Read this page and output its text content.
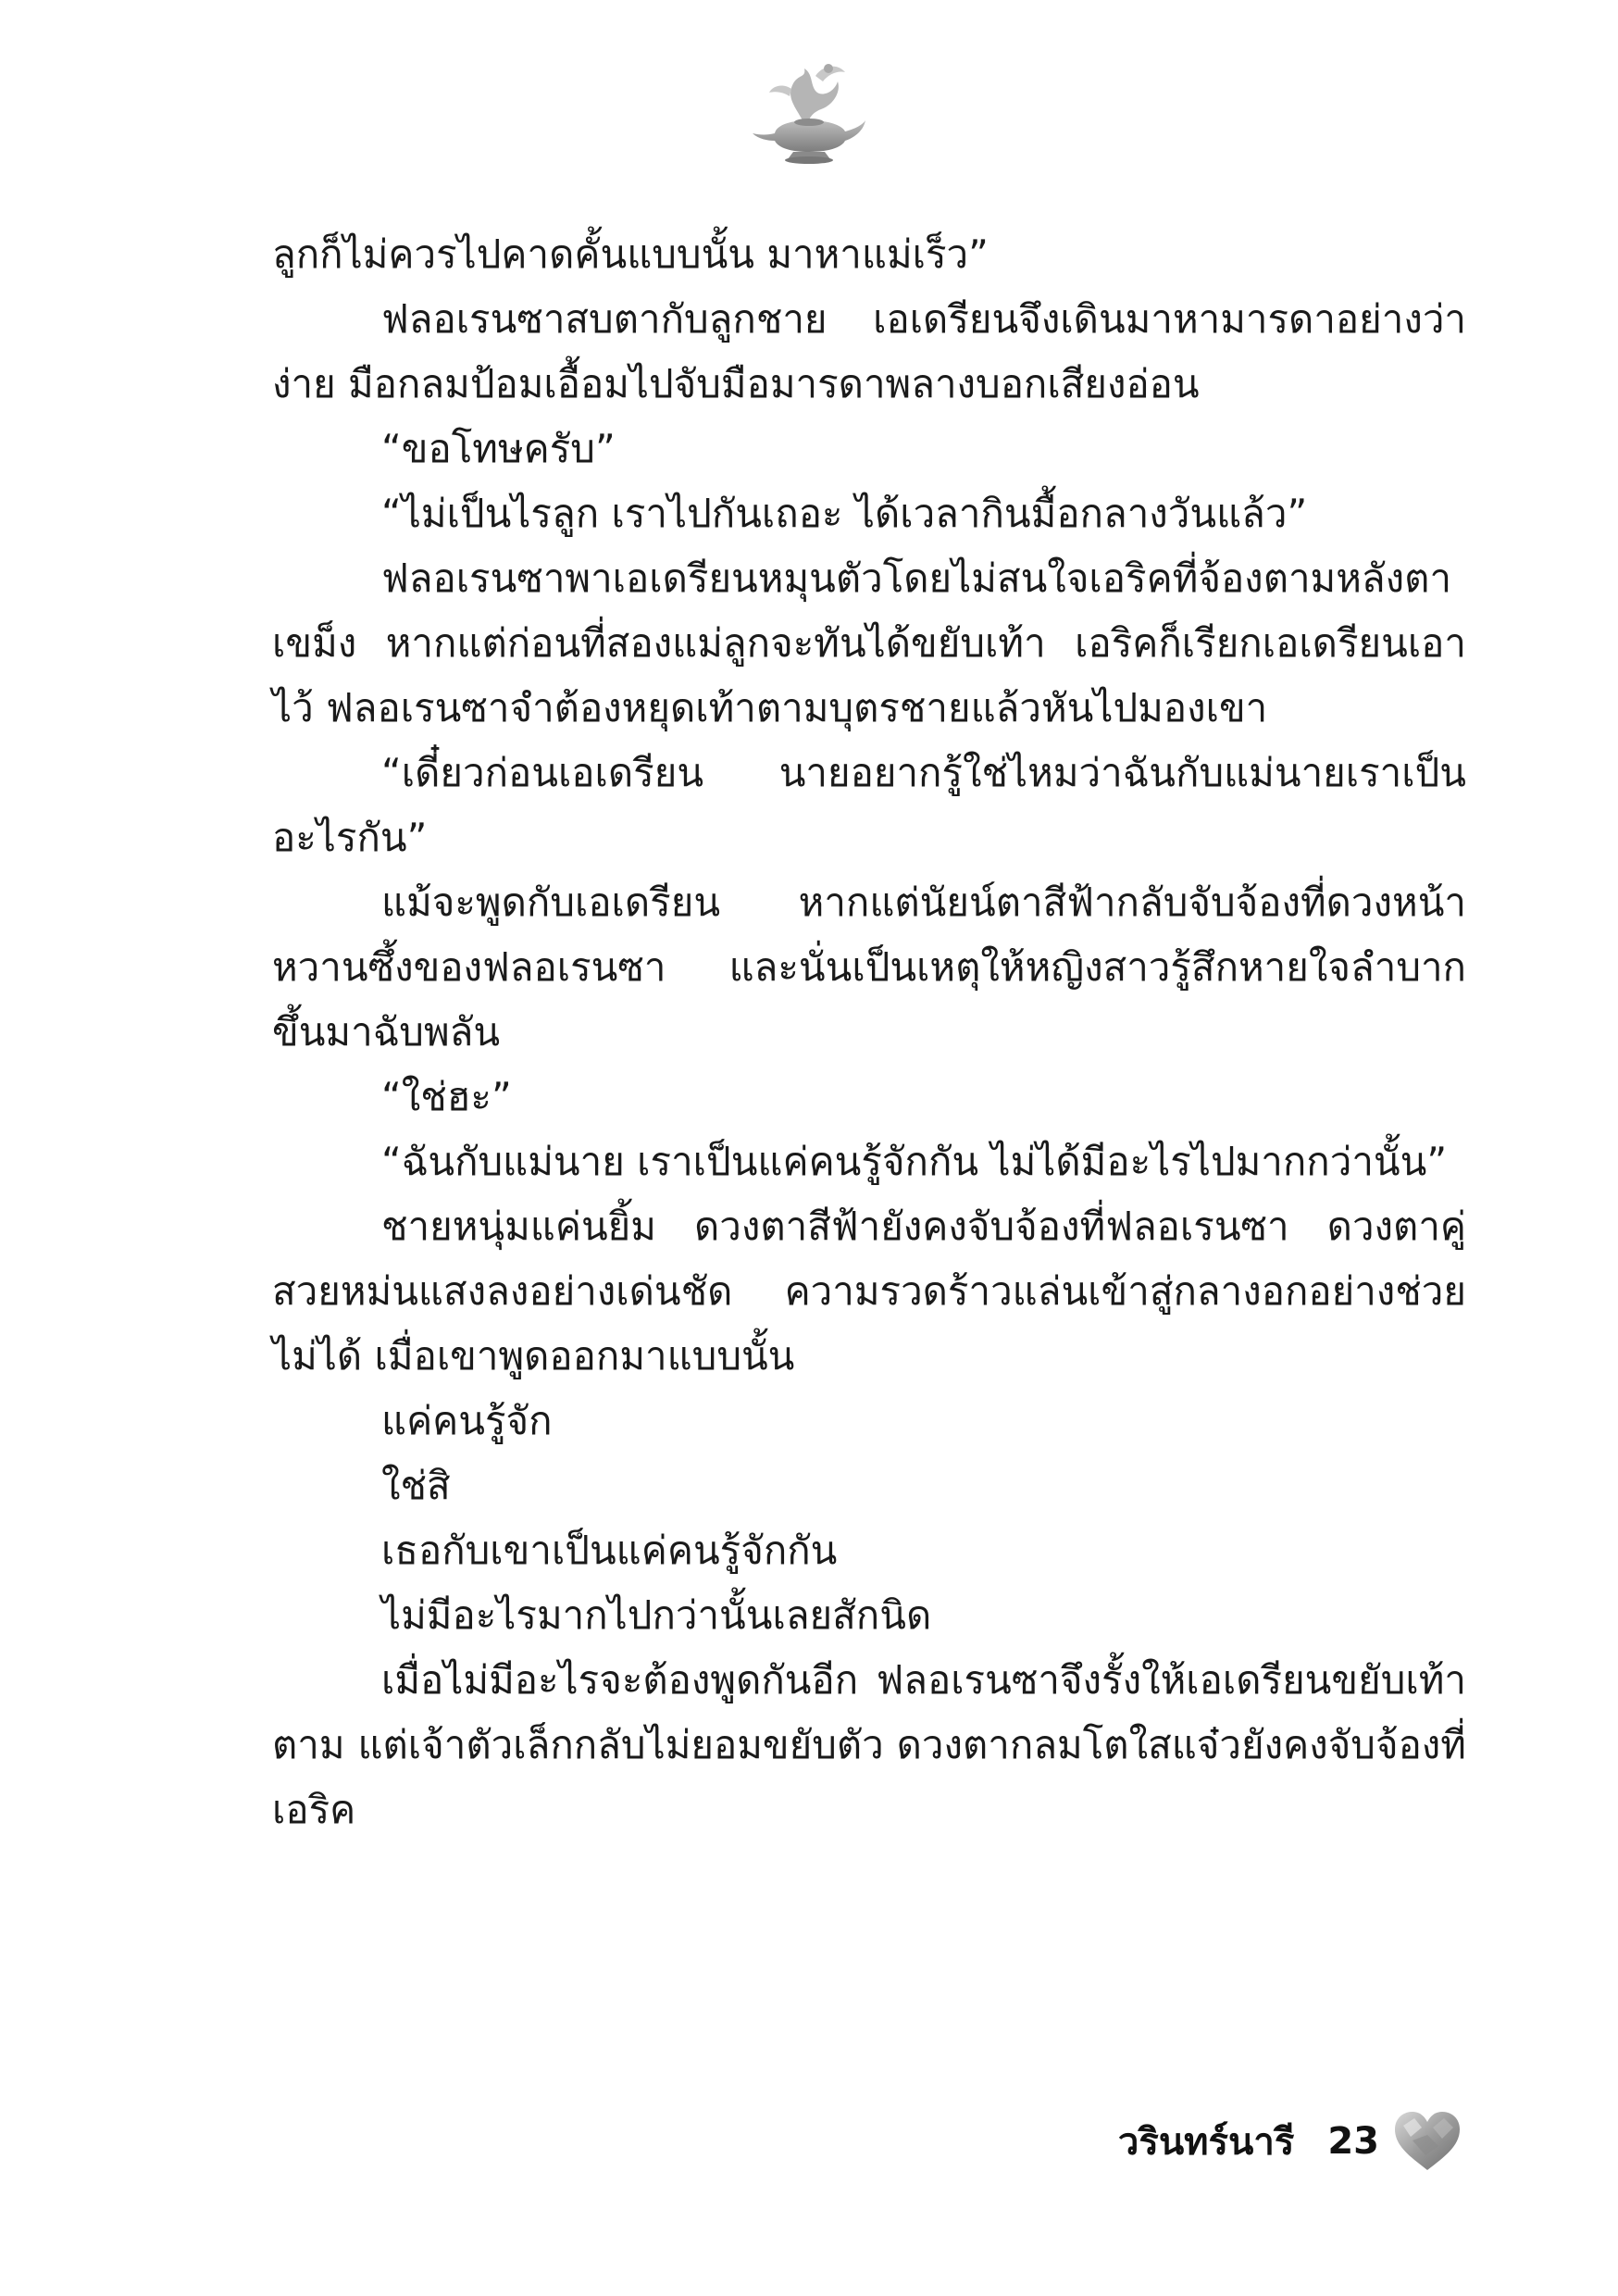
ลูกก็ไม่ควรไปคาดคั้นแบบนั้น มาหาแม่เร็ว”

ฟลอเรนซาสบตากับลูกชาย เอเดรียนจึงเดินมาหามารดาอย่างว่าง่าย มือกลมป้อมเอื้อมไปจับมือมารดาพลางบอกเสียงอ่อน

“ขอโทษครับ”

“ไม่เป็นไรลูก เราไปกันเถอะ ได้เวลากินมื้อกลางวันแล้ว”

ฟลอเรนซาพาเอเดรียนหมุนตัวโดยไม่สนใจเอริคที่จ้องตามหลังตาเขม็ง หากแต่ก่อนที่สองแม่ลูกจะทันได้ขยับเท้า เอริคก็เรียกเอเดรียนเอาไว้ ฟลอเรนซาจำต้องหยุดเท้าตามบุตรชายแล้วหันไปมองเขา

“เดี๋ยวก่อนเอเดรียน นายอยากรู้ใช่ไหมว่าฉันกับแม่นายเราเป็นอะไรกัน”

แม้จะพูดกับเอเดรียน หากแต่นัยน์ตาสีฟ้ากลับจับจ้องที่ดวงหน้าหวานซึ้งของฟลอเรนซา และนั่นเป็นเหตุให้หญิงสาวรู้สึกหายใจลำบากขึ้นมาฉับพลัน

“ใช่ฮะ”

“ฉันกับแม่นาย เราเป็นแค่คนรู้จักกัน ไม่ได้มีอะไรไปมากกว่านั้น”

ชายหนุ่มแค่นยิ้ม ดวงตาสีฟ้ายังคงจับจ้องที่ฟลอเรนซา ดวงตาคู่สวยหม่นแสงลงอย่างเด่นชัด ความรวดร้าวแล่นเข้าสู่กลางอกอย่างช่วยไม่ได้ เมื่อเขาพูดออกมาแบบนั้น

แค่คนรู้จัก

ใช่สิ

เธอกับเขาเป็นแค่คนรู้จักกัน

ไม่มีอะไรมากไปกว่านั้นเลยสักนิด

เมื่อไม่มีอะไรจะต้องพูดกันอีก ฟลอเรนซาจึงรั้งให้เอเดรียนขยับเท้าตาม แต่เจ้าตัวเล็กกลับไม่ยอมขยับตัว ดวงตากลมโตใสแจ๋วยังคงจับจ้องที่เอริค

วรินทร์นารี 23
